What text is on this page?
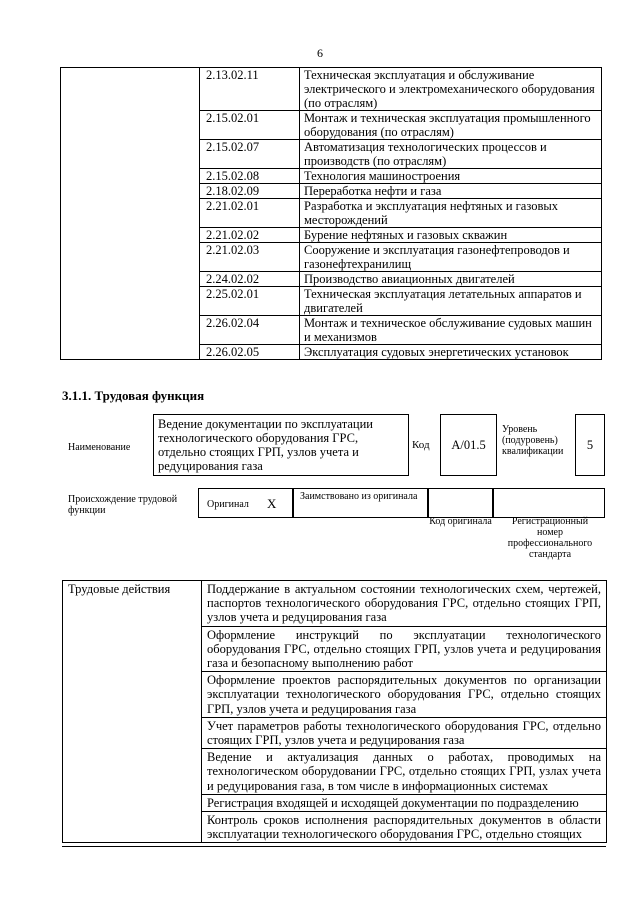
6
	2.13.02.11	Техническая эксплуатация и обслуживание электрического и электромеханического оборудования (по отраслям)
	2.15.02.01	Монтаж и техническая эксплуатация промышленного оборудования (по отраслям)
	2.15.02.07	Автоматизация технологических процессов и производств (по отраслям)
	2.15.02.08	Технология машиностроения
	2.18.02.09	Переработка нефти и газа
	2.21.02.01	Разработка и эксплуатация нефтяных и газовых месторождений
	2.21.02.02	Бурение нефтяных и газовых скважин
	2.21.02.03	Сооружение и эксплуатация газонефтепроводов и газонефтехранилищ
	2.24.02.02	Производство авиационных двигателей
	2.25.02.01	Техническая эксплуатация летательных аппаратов и двигателей
	2.26.02.04	Монтаж и техническое обслуживание судовых машин и механизмов
	2.26.02.05	Эксплуатация судовых энергетических установок
3.1.1. Трудовая функция
Наименование
Ведение документации по эксплуатации технологического оборудования ГРС, отдельно стоящих ГРП, узлов учета и редуцирования газа
Код A/01.5
Уровень (подуровень) квалификации	5
Происхождение трудовой функции
Оригинал X Заимствовано из оригинала
Код оригинала	Регистрационный номер профессионального стандарта
Трудовые действия	Поддержание в актуальном состоянии технологических схем, чертежей, паспортов технологического оборудования ГРС, отдельно стоящих ГРП, узлов учета и редуцирования газа
Оформление инструкций по эксплуатации технологического оборудования ГРС, отдельно стоящих ГРП, узлов учета и редуцирования газа и безопасному выполнению работ
Оформление проектов распорядительных документов по организации эксплуатации технологического оборудования ГРС, отдельно стоящих ГРП, узлов учета и редуцирования газа
Учет параметров работы технологического оборудования ГРС, отдельно стоящих ГРП, узлов учета и редуцирования газа
Ведение и актуализация данных о работах, проводимых на технологическом оборудовании ГРС, отдельно стоящих ГРП, узлах учета и редуцирования газа, в том числе в информационных системах
Регистрация входящей и исходящей документации по подразделению
Контроль сроков исполнения распорядительных документов в области эксплуатации технологического оборудования ГРС, отдельно стоящих
